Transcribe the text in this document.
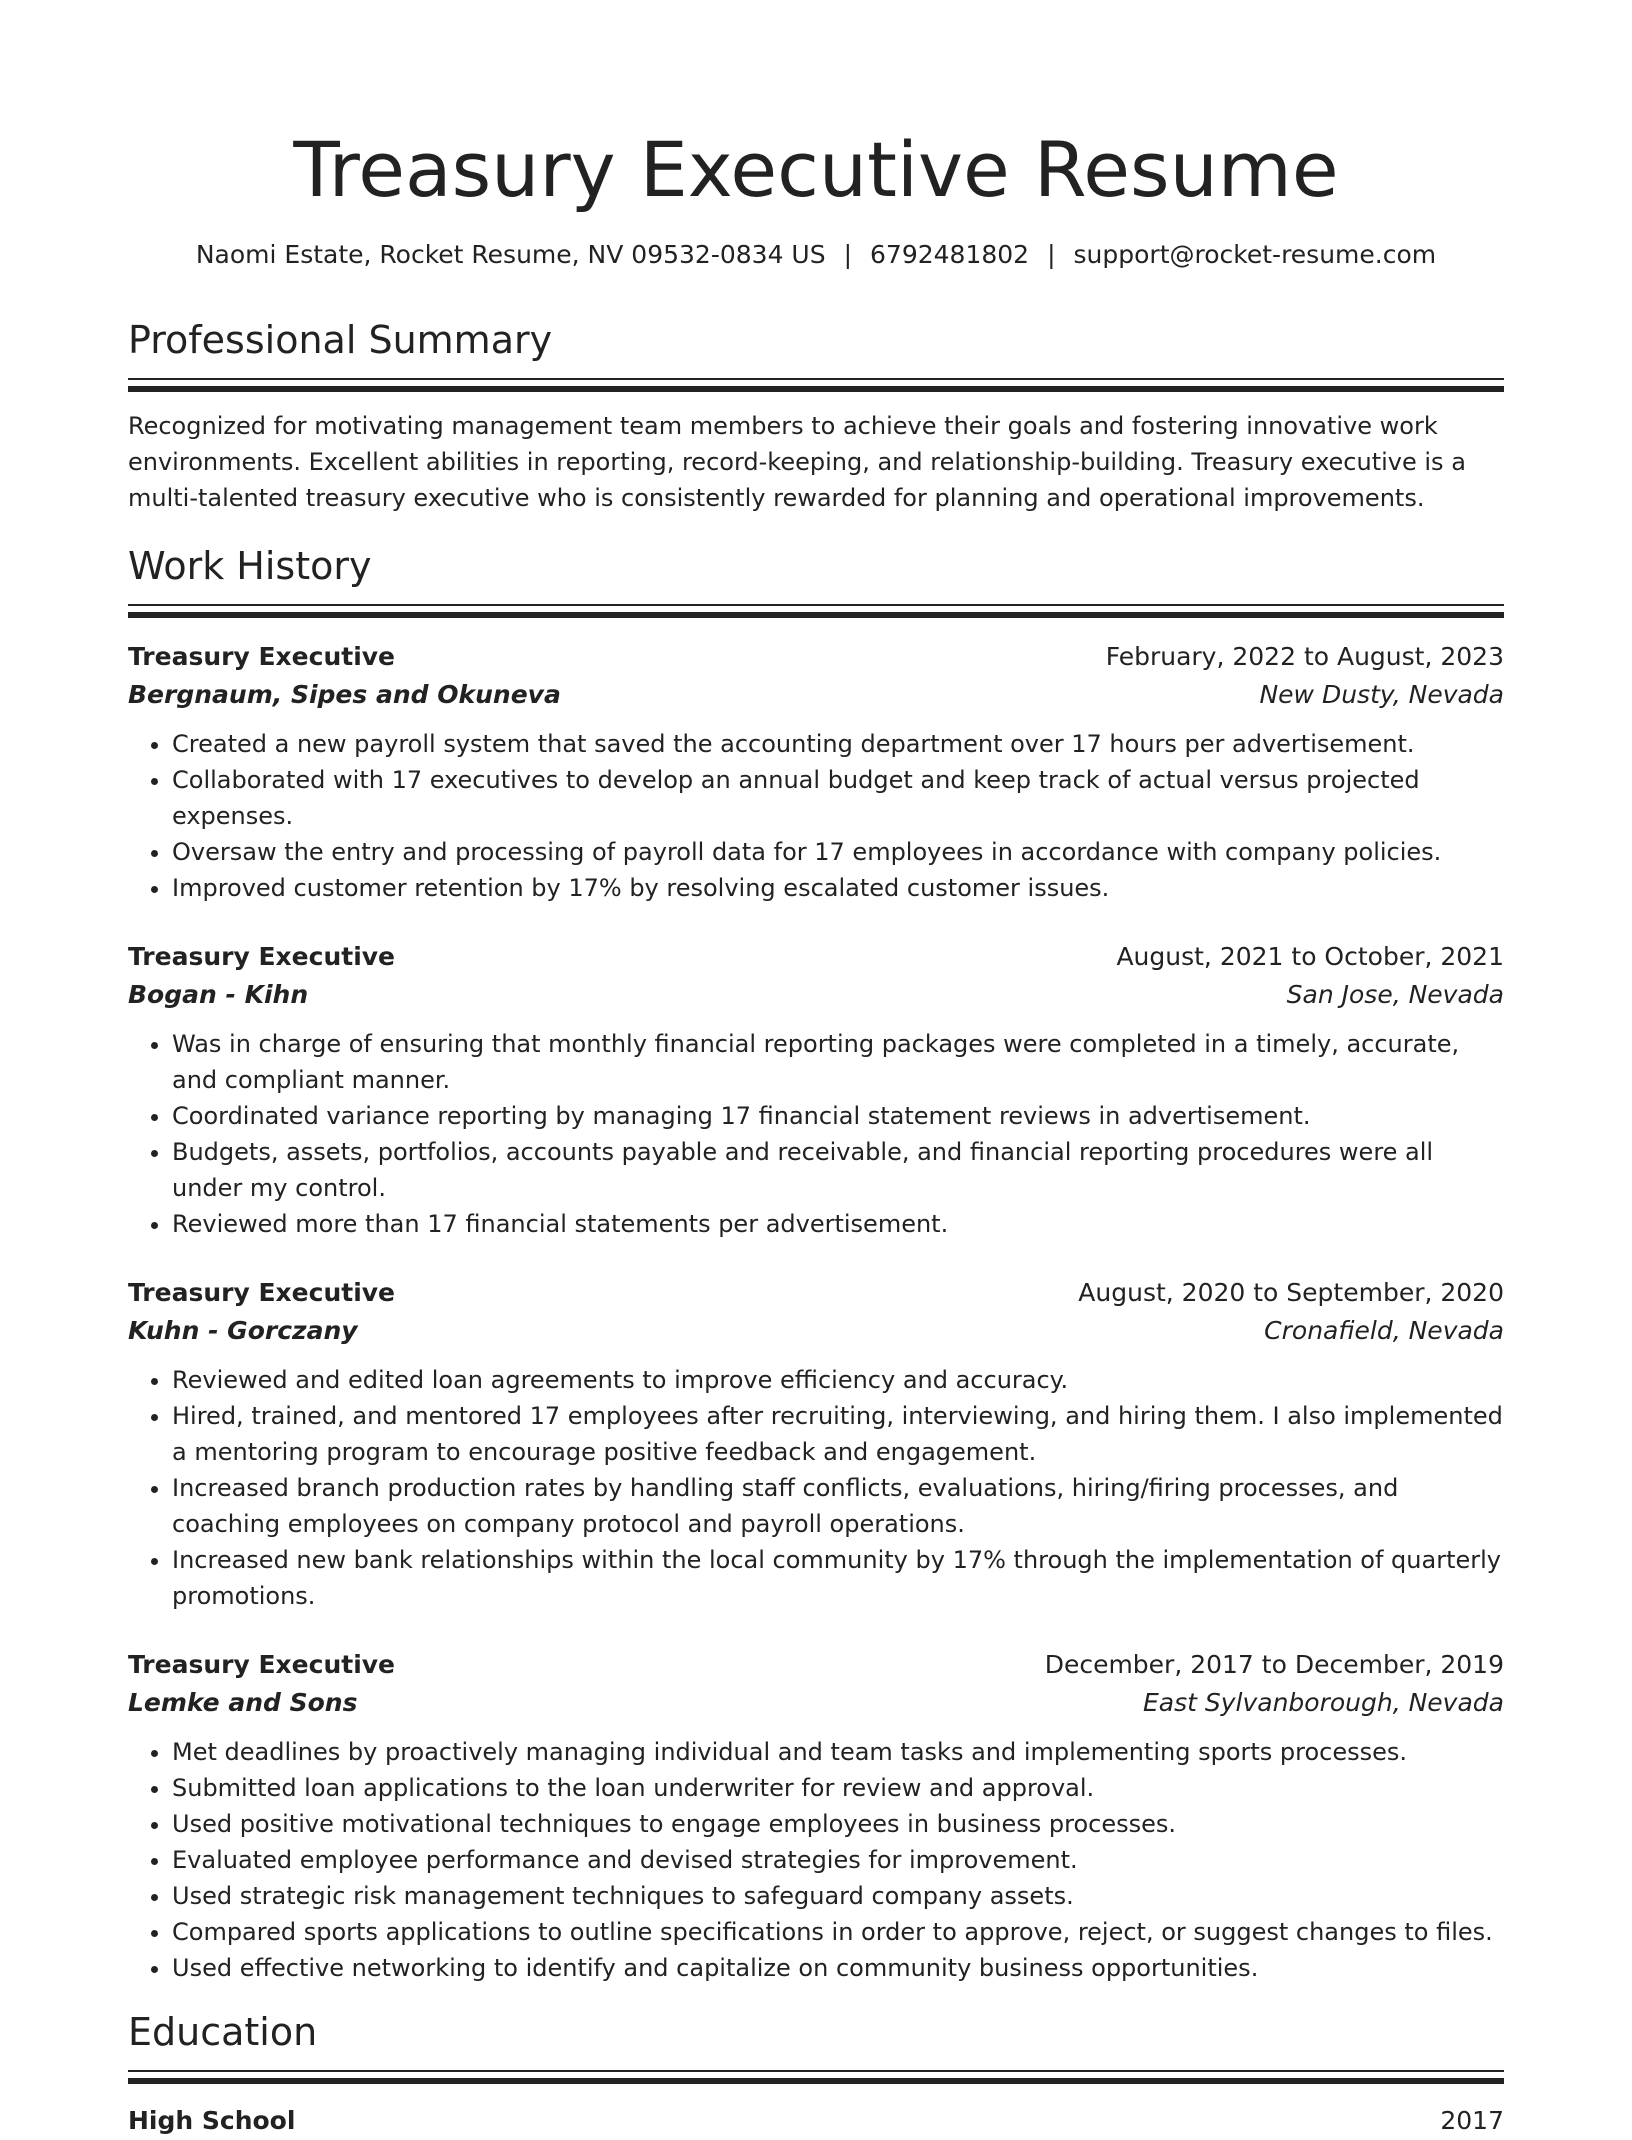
Treasury Executive Resume
Naomi Estate, Rocket Resume, NV 09532-0834 US | 6792481802 | support@rocket-resume.com
Professional Summary

Recognized for motivating management team members to achieve their goals and fostering innovative work environments. Excellent abilities in reporting, record-keeping, and relationship-building. Treasury executive is a multi-talented treasury executive who is consistently rewarded for planning and operational improvements.

Work History
Treasury Executive	February, 2022 to August, 2023
Bergnaum, Sipes and Okuneva	New Dusty, Nevada
• Created a new payroll system that saved the accounting department over 17 hours per advertisement.
• Collaborated with 17 executives to develop an annual budget and keep track of actual versus projected expenses.
• Oversaw the entry and processing of payroll data for 17 employees in accordance with company policies.
• Improved customer retention by 17% by resolving escalated customer issues.
Treasury Executive	August, 2021 to October, 2021
Bogan - Kihn	San Jose, Nevada
• Was in charge of ensuring that monthly financial reporting packages were completed in a timely, accurate, and compliant manner.
• Coordinated variance reporting by managing 17 financial statement reviews in advertisement.
• Budgets, assets, portfolios, accounts payable and receivable, and financial reporting procedures were all under my control.
• Reviewed more than 17 financial statements per advertisement.
Treasury Executive	August, 2020 to September, 2020
Kuhn - Gorczany	Cronafield, Nevada
• Reviewed and edited loan agreements to improve efficiency and accuracy.
• Hired, trained, and mentored 17 employees after recruiting, interviewing, and hiring them. I also implemented a mentoring program to encourage positive feedback and engagement.
• Increased branch production rates by handling staff conflicts, evaluations, hiring/firing processes, and coaching employees on company protocol and payroll operations.
• Increased new bank relationships within the local community by 17% through the implementation of quarterly promotions.
Treasury Executive	December, 2017 to December, 2019
Lemke and Sons	East Sylvanborough, Nevada
• Met deadlines by proactively managing individual and team tasks and implementing sports processes.
• Submitted loan applications to the loan underwriter for review and approval.
• Used positive motivational techniques to engage employees in business processes.
• Evaluated employee performance and devised strategies for improvement.
• Used strategic risk management techniques to safeguard company assets.
• Compared sports applications to outline specifications in order to approve, reject, or suggest changes to files.
• Used effective networking to identify and capitalize on community business opportunities.
Education
High School	2017
